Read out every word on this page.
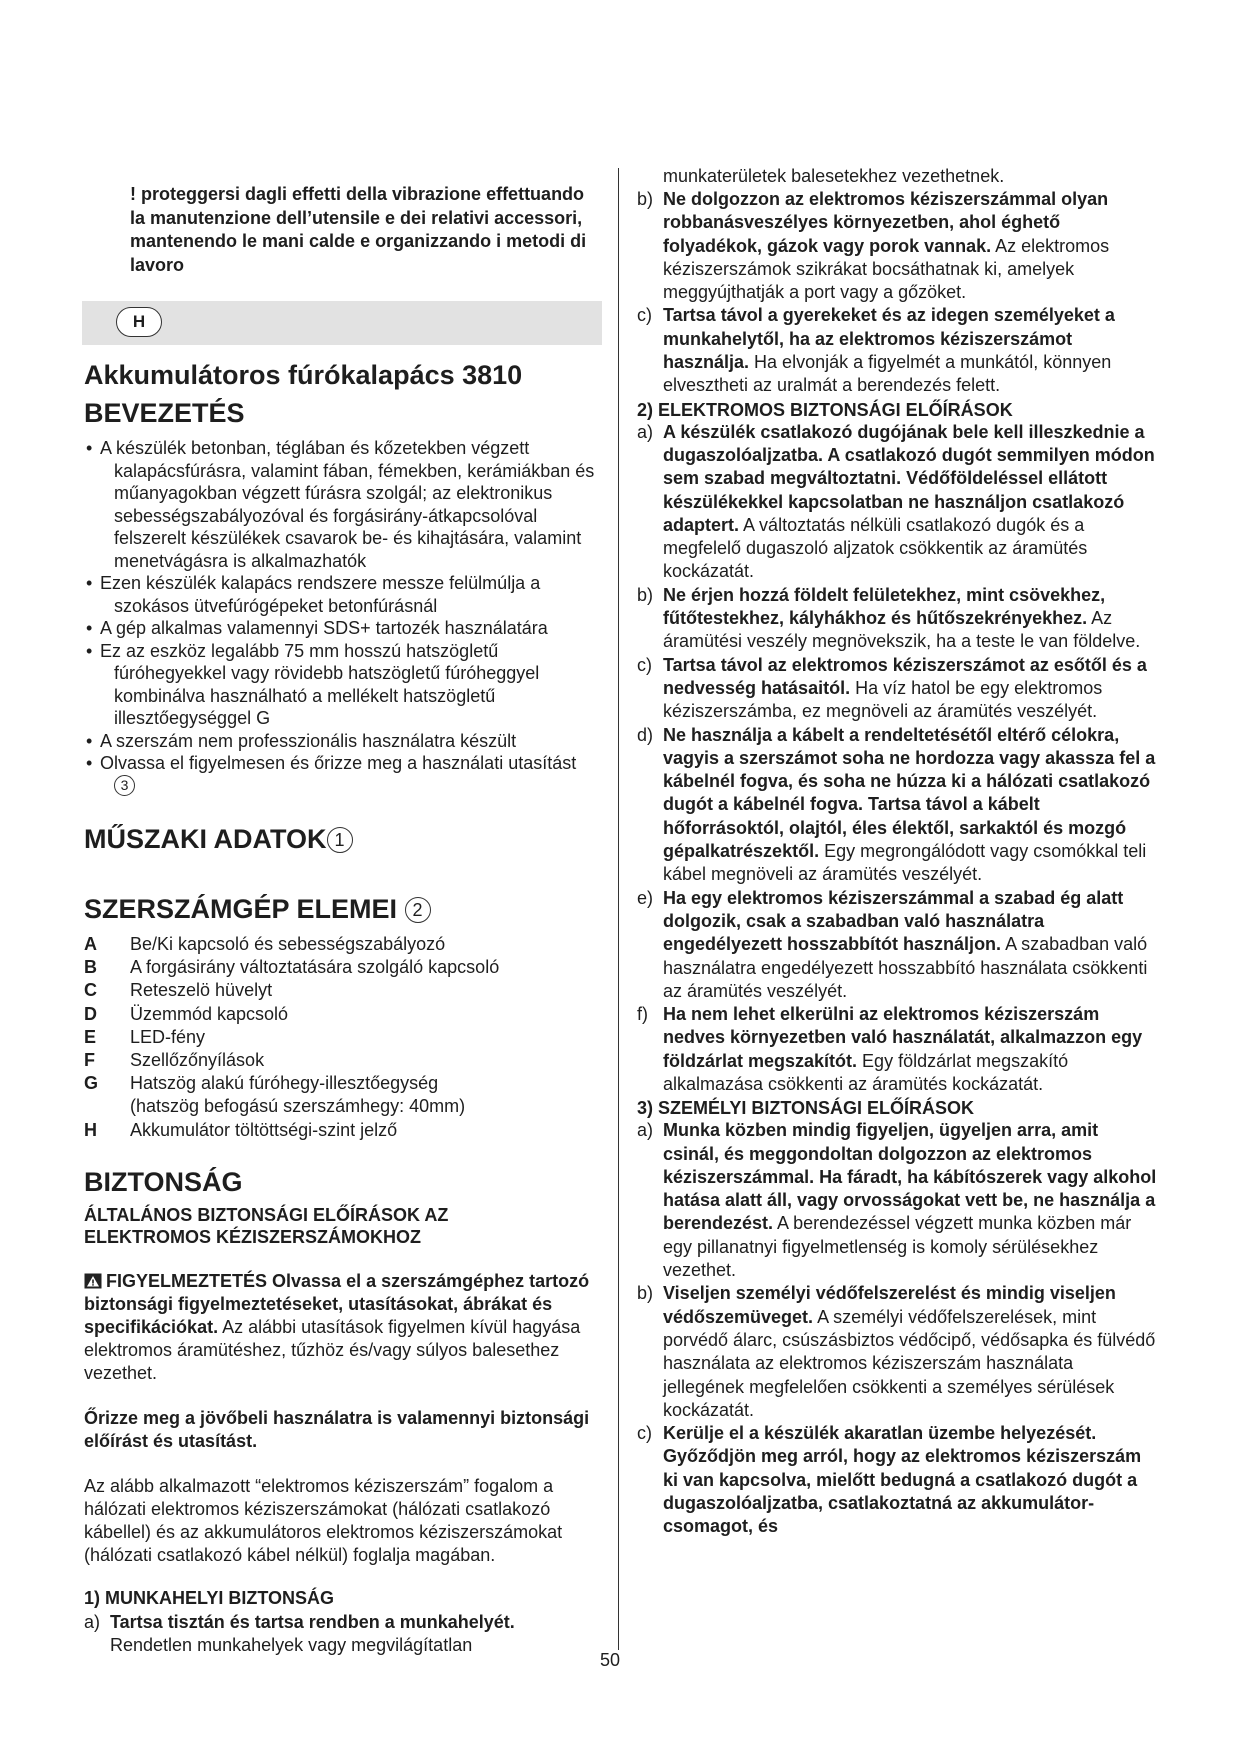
! proteggersi dagli effetti della vibrazione effettuando la manutenzione dell’utensile e dei relativi accessori, mantenendo le mani calde e organizzando i metodi di lavoro

H
Akkumulátoros fúrókalapács 3810
BEVEZETÉS
• A készülék betonban, téglában és kőzetekben végzett kalapácsfúrásra, valamint fában, fémekben, kerámiákban és műanyagokban végzett fúrásra szolgál; az elektronikus sebességszabályozóval és forgásirány-átkapcsolóval felszerelt készülékek csavarok be- és kihajtására, valamint menetvágásra is alkalmazhatók
• Ezen készülék kalapács rendszere messze felülmúlja a szokásos ütvefúrógépeket betonfúrásnál
• A gép alkalmas valamennyi SDS+ tartozék használatára
• Ez az eszköz legalább 75 mm hosszú hatszögletű fúróhegyekkel vagy rövidebb hatszögletű fúróheggyel kombinálva használható a mellékelt hatszögletű illesztőegységgel G
• A szerszám nem professzionális használatra készült
• Olvassa el figyelmesen és őrizze meg a használati utasítást 3
MŰSZAKI ADATOK 1
SZERSZÁMGÉP ELEMEI 2
A	Be/Ki kapcsoló és sebességszabályozó
B	A forgásirány változtatására szolgáló kapcsoló
C	Reteszelö hüvelyt
D	Üzemmód kapcsoló
E	LED-fény
F	Szellőzőnyílások
G	Hatszög alakú fúróhegy-illesztőegység
(hatszög befogású szerszámhegy: 40mm)
H	Akkumulátor töltöttségi-szint jelző
BIZTONSÁG

ÁLTALÁNOS BIZTONSÁGI ELŐÍRÁSOK AZ ELEKTROMOS KÉZISZERSZÁMOKHOZ

FIGYELMEZTETÉS Olvassa el a szerszámgéphez tartozó biztonsági figyelmeztetéseket, utasításokat, ábrákat és specifikációkat. Az alábbi utasítások figyelmen kívül hagyása elektromos áramütéshez, tűzhöz és/vagy súlyos balesethez vezethet.

Őrizze meg a jövőbeli használatra is valamennyi biztonsági előírást és utasítást.

Az alább alkalmazott “elektromos kéziszerszám” fogalom a hálózati elektromos kéziszerszámokat (hálózati csatlakozó kábellel) és az akkumulátoros elektromos kéziszerszámokat (hálózati csatlakozó kábel nélkül) foglalja magában.

1) MUNKAHELYI BIZTONSÁG

a) Tartsa tisztán és tartsa rendben a munkahelyét.
Rendetlen munkahelyek vagy megvilágítatlan

munkaterületek balesetekhez vezethetnek.

b) Ne dolgozzon az elektromos kéziszerszámmal olyan robbanásveszélyes környezetben, ahol éghető folyadékok, gázok vagy porok vannak. Az elektromos kéziszerszámok szikrákat bocsáthatnak ki, amelyek meggyújthatják a port vagy a gőzöket.
c) Tartsa távol a gyerekeket és az idegen személyeket a munkahelytől, ha az elektromos kéziszerszámot használja. Ha elvonják a figyelmét a munkától, könnyen elvesztheti az uralmát a berendezés felett.

2) ELEKTROMOS BIZTONSÁGI ELŐÍRÁSOK

a) A készülék csatlakozó dugójának bele kell illeszkednie a dugaszolóaljzatba. A csatlakozó dugót semmilyen módon sem szabad megváltoztatni. Védőföldeléssel ellátott készülékekkel kapcsolatban ne használjon csatlakozó adaptert. A változtatás nélküli csatlakozó dugók és a megfelelő dugaszoló aljzatok csökkentik az áramütés kockázatát.
b) Ne érjen hozzá földelt felületekhez, mint csövekhez, fűtőtestekhez, kályhákhoz és hűtőszekrényekhez. Az áramütési veszély megnövekszik, ha a teste le van földelve.
c) Tartsa távol az elektromos kéziszerszámot az esőtől és a nedvesség hatásaitól. Ha víz hatol be egy elektromos kéziszerszámba, ez megnöveli az áramütés veszélyét.
d) Ne használja a kábelt a rendeltetésétől eltérő célokra, vagyis a szerszámot soha ne hordozza vagy akassza fel a kábelnél fogva, és soha ne húzza ki a hálózati csatlakozó dugót a kábelnél fogva. Tartsa távol a kábelt hőforrásoktól, olajtól, éles élektől, sarkaktól és mozgó gépalkatrészektől. Egy megrongálódott vagy csomókkal teli kábel megnöveli az áramütés veszélyét.
e) Ha egy elektromos kéziszerszámmal a szabad ég alatt dolgozik, csak a szabadban való használatra engedélyezett hosszabbítót használjon. A szabadban való használatra engedélyezett hosszabbító használata csökkenti az áramütés veszélyét.
f) Ha nem lehet elkerülni az elektromos kéziszerszám nedves környezetben való használatát, alkalmazzon egy földzárlat megszakítót. Egy földzárlat megszakító alkalmazása csökkenti az áramütés kockázatát.

3) SZEMÉLYI BIZTONSÁGI ELŐÍRÁSOK

a) Munka közben mindig figyeljen, ügyeljen arra, amit csinál, és meggondoltan dolgozzon az elektromos kéziszerszámmal. Ha fáradt, ha kábítószerek vagy alkohol hatása alatt áll, vagy orvosságokat vett be, ne használja a berendezést. A berendezéssel végzett munka közben már egy pillanatnyi figyelmetlenség is komoly sérülésekhez vezethet.
b) Viseljen személyi védőfelszerelést és mindig viseljen védőszemüveget. A személyi védőfelszerelések, mint porvédő álarc, csúszásbiztos védőcipő, védősapka és fülvédő használata az elektromos kéziszerszám használata jellegének megfelelően csökkenti a személyes sérülések kockázatát.
c) Kerülje el a készülék akaratlan üzembe helyezését. Győződjön meg arról, hogy az elektromos kéziszerszám ki van kapcsolva, mielőtt bedugná a csatlakozó dugót a dugaszolóaljzatba, csatlakoztatná az akkumulátor-csomagot, és
50
